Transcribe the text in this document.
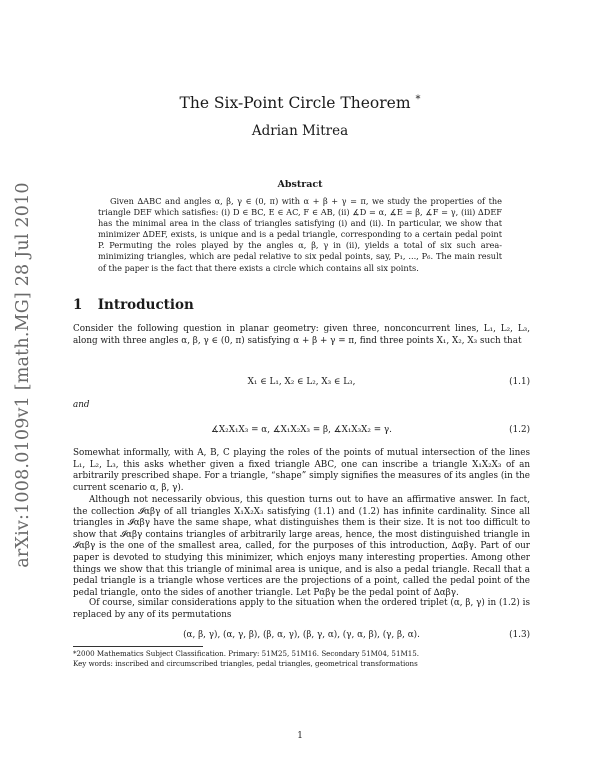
arXiv:1008.0109v1 [math.MG] 28 Jul 2010
The Six-Point Circle Theorem *
Adrian Mitrea
Abstract

Given ∆ABC and angles α, β, γ ∈ (0, π) with α + β + γ = π, we study the properties of the triangle DEF which satisfies: (i) D ∈ BC, E ∈ AC, F ∈ AB, (ii) ∡D = α, ∡E = β, ∡F = γ, (iii) ∆DEF has the minimal area in the class of triangles satisfying (i) and (ii). In particular, we show that minimizer ∆DEF, exists, is unique and is a pedal triangle, corresponding to a certain pedal point P. Permuting the roles played by the angles α, β, γ in (ii), yields a total of six such area-minimizing triangles, which are pedal relative to six pedal points, say, P₁, ..., P₆. The main result of the paper is the fact that there exists a circle which contains all six points.

1 Introduction

Consider the following question in planar geometry: given three, nonconcurrent lines, L₁, L₂, L₃, along with three angles α, β, γ ∈ (0, π) satisfying α + β + γ = π, find three points X₁, X₂, X₃ such that

X₁ ∈ L₁, X₂ ∈ L₂, X₃ ∈ L₃,	(1.1)
and
∡X₂X₁X₃ = α, ∡X₁X₂X₃ = β, ∡X₁X₃X₂ = γ.	(1.2)

Somewhat informally, with A, B, C playing the roles of the points of mutual intersection of the lines L₁, L₂, L₃, this asks whether given a fixed triangle ABC, one can inscribe a triangle X₁X₂X₃ of an arbitrarily prescribed shape. For a triangle, “shape” simply signifies the measures of its angles (in the current scenario α, β, γ).

Although not necessarily obvious, this question turns out to have an affirmative answer. In fact, the collection 𝓘αβγ of all triangles X₁X₂X₃ satisfying (1.1) and (1.2) has infinite cardinality. Since all triangles in 𝓘αβγ have the same shape, what distinguishes them is their size. It is not too difficult to show that 𝓘αβγ contains triangles of arbitrarily large areas, hence, the most distinguished triangle in 𝓘αβγ is the one of the smallest area, called, for the purposes of this introduction, ∆αβγ. Part of our paper is devoted to studying this minimizer, which enjoys many interesting properties. Among other things we show that this triangle of minimal area is unique, and is also a pedal triangle. Recall that a pedal triangle is a triangle whose vertices are the projections of a point, called the pedal point of the pedal triangle, onto the sides of another triangle. Let Pαβγ be the pedal point of ∆αβγ.

Of course, similar considerations apply to the situation when the ordered triplet (α, β, γ) in (1.2) is replaced by any of its permutations

(α, β, γ), (α, γ, β), (β, α, γ), (β, γ, α), (γ, α, β), (γ, β, α).	(1.3)

*2000 Mathematics Subject Classification. Primary: 51M25, 51M16. Secondary 51M04, 51M15.

Key words: inscribed and circumscribed triangles, pedal triangles, geometrical transformations

1
